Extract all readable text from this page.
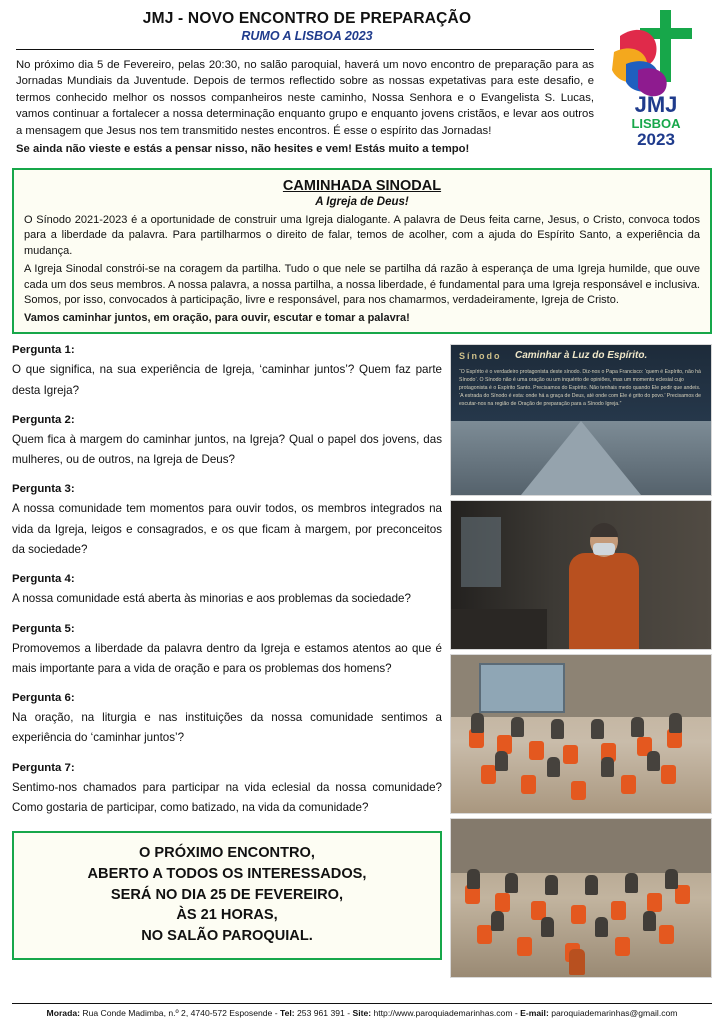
JMJ - NOVO ENCONTRO DE PREPARAÇÃO
RUMO A LISBOA 2023

No próximo dia 5 de Fevereiro, pelas 20:30, no salão paroquial, haverá um novo encontro de preparação para as Jornadas Mundiais da Juventude. Depois de termos reflectido sobre as nossas expetativas para este desafio, e termos conhecido melhor os nossos companheiros neste caminho, Nossa Senhora e o Evangelista S. Lucas, vamos continuar a fortalecer a nossa determinação enquanto grupo e enquanto jovens cristãos, e levar aos outros a mensagem que Jesus nos tem transmitido nestes encontros. É esse o espírito das Jornadas!

Se ainda não vieste e estás a pensar nisso, não hesites e vem! Estás muito a tempo!
JMJ
LISBOA
2023
CAMINHADA SINODAL
A Igreja de Deus!

O Sínodo 2021-2023 é a oportunidade de construir uma Igreja dialogante. A palavra de Deus feita carne, Jesus, o Cristo, convoca todos para a liberdade da palavra. Para partilharmos o direito de falar, temos de acolher, com a ajuda do Espírito Santo, a experiência da mudança.

A Igreja Sinodal constrói-se na coragem da partilha. Tudo o que nele se partilha dá razão à esperança de uma Igreja humilde, que ouve cada um dos seus membros. A nossa palavra, a nossa partilha, a nossa liberdade, é fundamental para uma Igreja responsável e inclusiva. Somos, por isso, convocados à participação, livre e responsável, para nos chamarmos, verdadeiramente, Igreja de Cristo.

Vamos caminhar juntos, em oração, para ouvir, escutar e tomar a palavra!
Pergunta 1:
O que significa, na sua experiência de Igreja, ‘caminhar juntos’? Quem faz parte desta Igreja?
Pergunta 2:
Quem fica à margem do caminhar juntos, na Igreja? Qual o papel dos jovens, das mulheres, ou de outros, na Igreja de Deus?
Pergunta 3:
A nossa comunidade tem momentos para ouvir todos, os membros integrados na vida da Igreja, leigos e consagrados, e os que ficam à margem, por preconceitos da sociedade?
Pergunta 4:
A nossa comunidade está aberta às minorias e aos problemas da sociedade?
Pergunta 5:
Promovemos a liberdade da palavra dentro da Igreja e estamos atentos ao que é mais importante para a vida de oração e para os problemas dos homens?
Pergunta 6:
Na oração, na liturgia e nas instituições da nossa comunidade sentimos a experiência do ‘caminhar juntos’?
Pergunta 7:
Sentimo-nos chamados para participar na vida eclesial da nossa comunidade? Como gostaria de participar, como batizado, na vida da comunidade?
O PRÓXIMO ENCONTRO,
ABERTO A TODOS OS INTERESSADOS,
SERÁ NO DIA 25 DE FEVEREIRO,
ÀS 21 HORAS,
NO SALÃO PAROQUIAL.
Sínodo Caminhar à Luz do Espírito.
“O Espírito é o verdadeiro protagonista deste sínodo. Diz-nos o Papa Francisco: ‘quem é Espírito, não há Sínodo’. O Sínodo não é uma oração ou um inquérito de opiniões, mas um momento eclesial cujo protagonista é o Espírito Santo. Precisamos do Espírito. Não tenhais medo quando Ele pedir que andeis. ‘A estrada do Sínodo é esta: onde há a graça de Deus, até onde com Ele é grito do povo.’ Precisamos de escutar-nos na região de Oração de preparação para a Sínodo Igreja.”
Morada: Rua Conde Madimba, n.º 2, 4740-572 Esposende - Tel: 253 961 391 - Site: http://www.paroquiademarinhas.com - E-mail: paroquiademarinhas@gmail.com
